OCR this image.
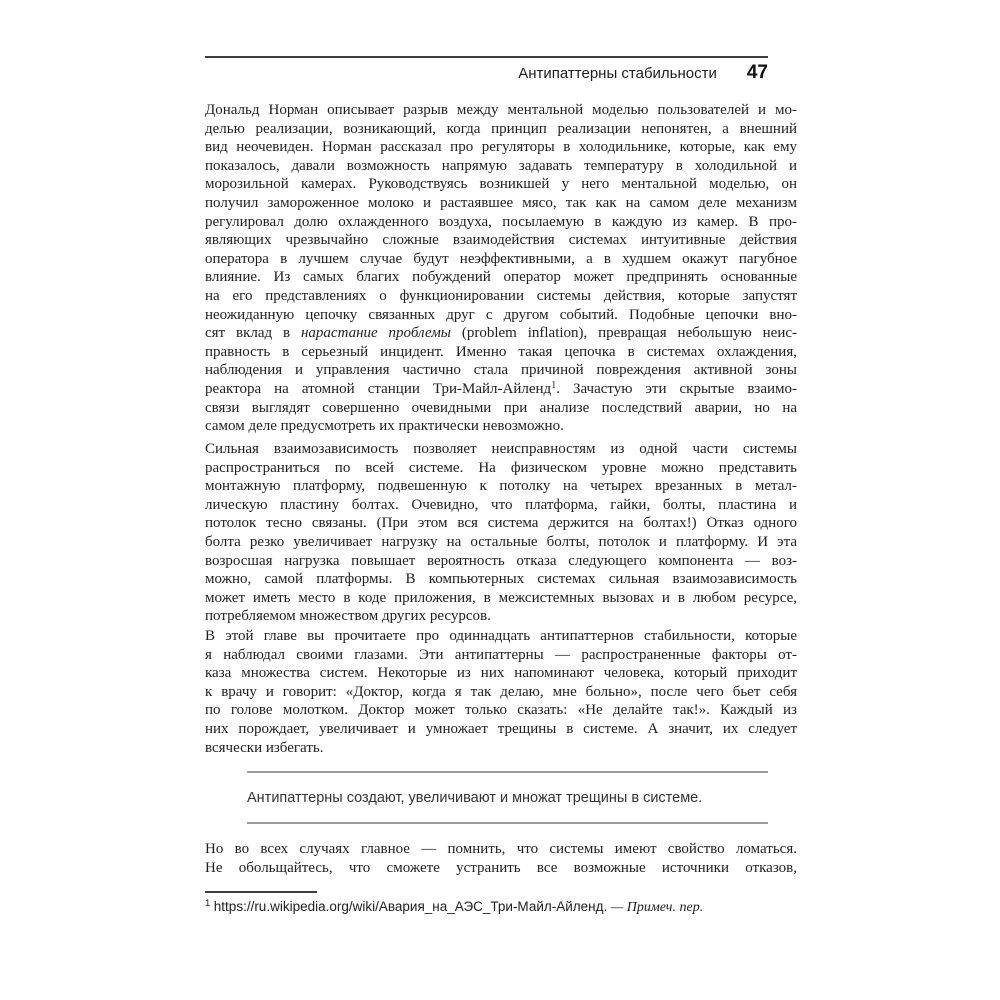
Антипаттерны стабильности 47
Дональд Норман описывает разрыв между ментальной моделью пользователей и мо-
делью реализации, возникающий, когда принцип реализации непонятен, а внешний
вид неочевиден. Норман рассказал про регуляторы в холодильнике, которые, как ему
показалось, давали возможность напрямую задавать температуру в холодильной и
морозильной камерах. Руководствуясь возникшей у него ментальной моделью, он
получил замороженное молоко и растаявшее мясо, так как на самом деле механизм
регулировал долю охлажденного воздуха, посылаемую в каждую из камер. В про-
являющих чрезвычайно сложные взаимодействия системах интуитивные действия
оператора в лучшем случае будут неэффективными, а в худшем окажут пагубное
влияние. Из самых благих побуждений оператор может предпринять основанные
на его представлениях о функционировании системы действия, которые запустят
неожиданную цепочку связанных друг с другом событий. Подобные цепочки вно-
сят вклад в нарастание проблемы (problem inflation), превращая небольшую неис-
правность в серьезный инцидент. Именно такая цепочка в системах охлаждения,
наблюдения и управления частично стала причиной повреждения активной зоны
реактора на атомной станции Три-Майл-Айленд$^1$. Зачастую эти скрытые взаимо-
связи выглядят совершенно очевидными при анализе последствий аварии, но на
самом деле предусмотреть их практически невозможно.
Сильная взаимозависимость позволяет неисправностям из одной части системы
распространиться по всей системе. На физическом уровне можно представить
монтажную платформу, подвешенную к потолку на четырех врезанных в метал-
лическую пластину болтах. Очевидно, что платформа, гайки, болты, пластина и
потолок тесно связаны. (При этом вся система держится на болтах!) Отказ одного
болта резко увеличивает нагрузку на остальные болты, потолок и платформу. И эта
возросшая нагрузка повышает вероятность отказа следующего компонента — воз-
можно, самой платформы. В компьютерных системах сильная взаимозависимость
может иметь место в коде приложения, в межсистемных вызовах и в любом ресурсе,
потребляемом множеством других ресурсов.
В этой главе вы прочитаете про одиннадцать антипаттернов стабильности, которые
я наблюдал своими глазами. Эти антипаттерны — распространенные факторы от-
каза множества систем. Некоторые из них напоминают человека, который приходит
к врачу и говорит: «Доктор, когда я так делаю, мне больно», после чего бьет себя
по голове молотком. Доктор может только сказать: «Не делайте так!». Каждый из
них порождает, увеличивает и умножает трещины в системе. А значит, их следует
всячески избегать.
Но во всех случаях главное — помнить, что системы имеют свойство ломаться.
Не обольщайтесь, что сможете устранить все возможные источники отказов,
Антипаттерны создают, увеличивают и множат трещины в системе.
$^1$ https://ru.wikipedia.org/wiki/Авария_на_АЭС_Три-Майл-Айленд. — Примеч. пер.
